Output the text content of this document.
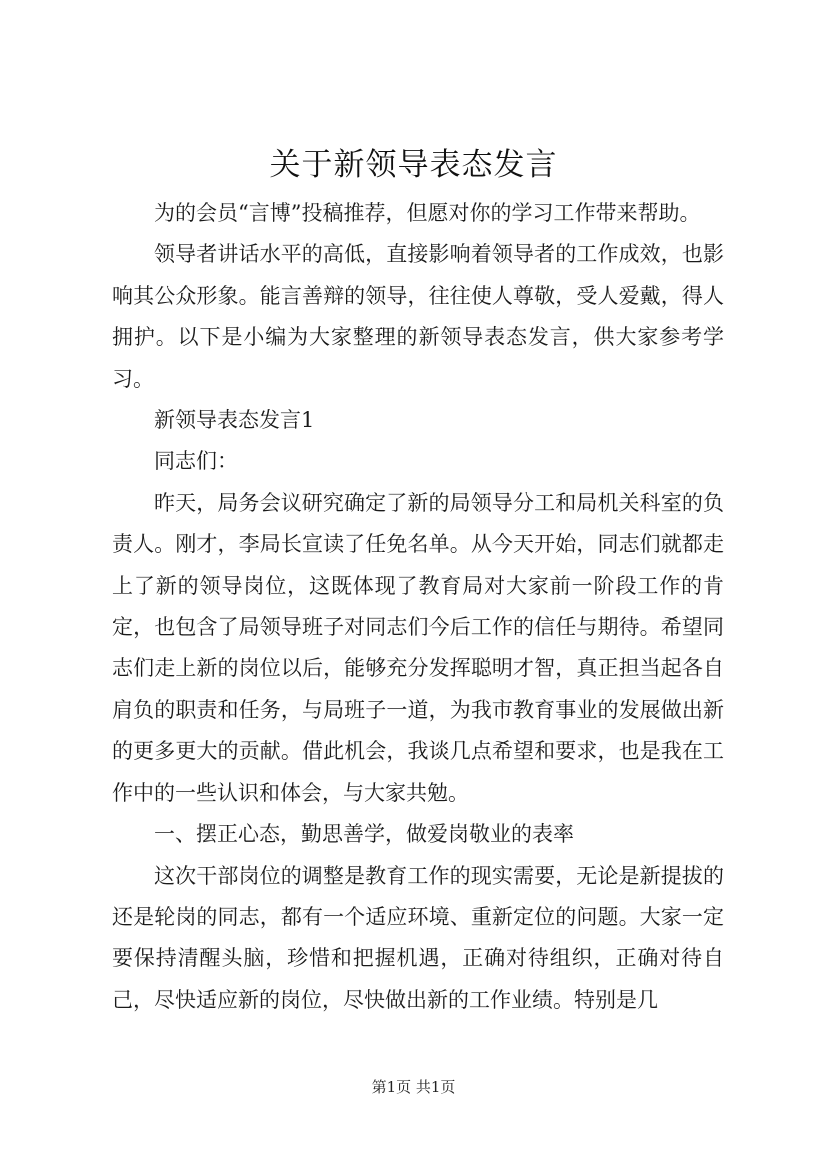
关于新领导表态发言

为的会员“言博”投稿推荐，但愿对你的学习工作带来帮助。

领导者讲话水平的高低，直接影响着领导者的工作成效，也影响其公众形象。能言善辩的领导，往往使人尊敬，受人爱戴，得人拥护。以下是小编为大家整理的新领导表态发言，供大家参考学习。

新领导表态发言1

同志们：

昨天，局务会议研究确定了新的局领导分工和局机关科室的负责人。刚才，李局长宣读了任免名单。从今天开始，同志们就都走上了新的领导岗位，这既体现了教育局对大家前一阶段工作的肯定，也包含了局领导班子对同志们今后工作的信任与期待。希望同志们走上新的岗位以后，能够充分发挥聪明才智，真正担当起各自肩负的职责和任务，与局班子一道，为我市教育事业的发展做出新的更多更大的贡献。借此机会，我谈几点希望和要求，也是我在工作中的一些认识和体会，与大家共勉。

一、摆正心态，勤思善学，做爱岗敬业的表率

这次干部岗位的调整是教育工作的现实需要，无论是新提拔的还是轮岗的同志，都有一个适应环境、重新定位的问题。大家一定要保持清醒头脑，珍惜和把握机遇，正确对待组织，正确对待自己，尽快适应新的岗位，尽快做出新的工作业绩。特别是几

第1页 共1页
